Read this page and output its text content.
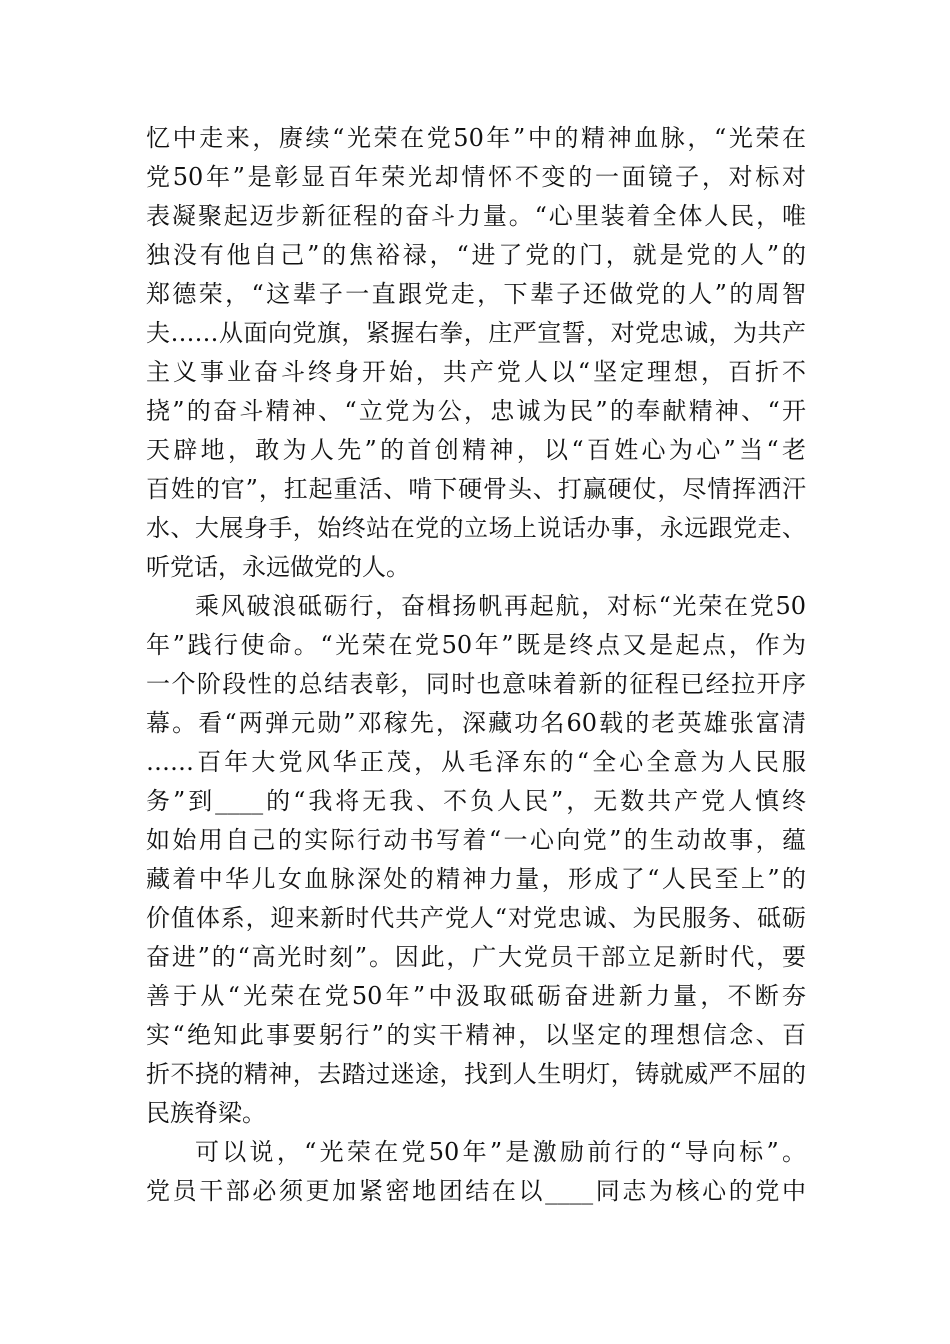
忆中走来，赓续“光荣在党50年”中的精神血脉，“光荣在
党50年”是彰显百年荣光却情怀不变的一面镜子，对标对
表凝聚起迈步新征程的奋斗力量。“心里装着全体人民，唯
独没有他自己”的焦裕禄，“进了党的门，就是党的人”的
郑德荣，“这辈子一直跟党走，下辈子还做党的人”的周智
夫……从面向党旗，紧握右拳，庄严宣誓，对党忠诚，为共产
主义事业奋斗终身开始，共产党人以“坚定理想，百折不
挠”的奋斗精神、“立党为公，忠诚为民”的奉献精神、“开
天辟地，敢为人先”的首创精神，以“百姓心为心”当“老
百姓的官”，扛起重活、啃下硬骨头、打赢硬仗，尽情挥洒汗
水、大展身手，始终站在党的立场上说话办事，永远跟党走、
听党话，永远做党的人。
乘风破浪砥砺行，奋楫扬帆再起航，对标“光荣在党50
年”践行使命。“光荣在党50年”既是终点又是起点，作为
一个阶段性的总结表彰，同时也意味着新的征程已经拉开序
幕。看“两弹元勋”邓稼先，深藏功名60载的老英雄张富清
……百年大党风华正茂，从毛泽东的“全心全意为人民服
务”到____的“我将无我、不负人民”，无数共产党人慎终
如始用自己的实际行动书写着“一心向党”的生动故事，蕴
藏着中华儿女血脉深处的精神力量，形成了“人民至上”的
价值体系，迎来新时代共产党人“对党忠诚、为民服务、砥砺
奋进”的“高光时刻”。因此，广大党员干部立足新时代，要
善于从“光荣在党50年”中汲取砥砺奋进新力量，不断夯
实“绝知此事要躬行”的实干精神，以坚定的理想信念、百
折不挠的精神，去踏过迷途，找到人生明灯，铸就威严不屈的
民族脊梁。
可以说，“光荣在党50年”是激励前行的“导向标”。
党员干部必须更加紧密地团结在以____同志为核心的党中
